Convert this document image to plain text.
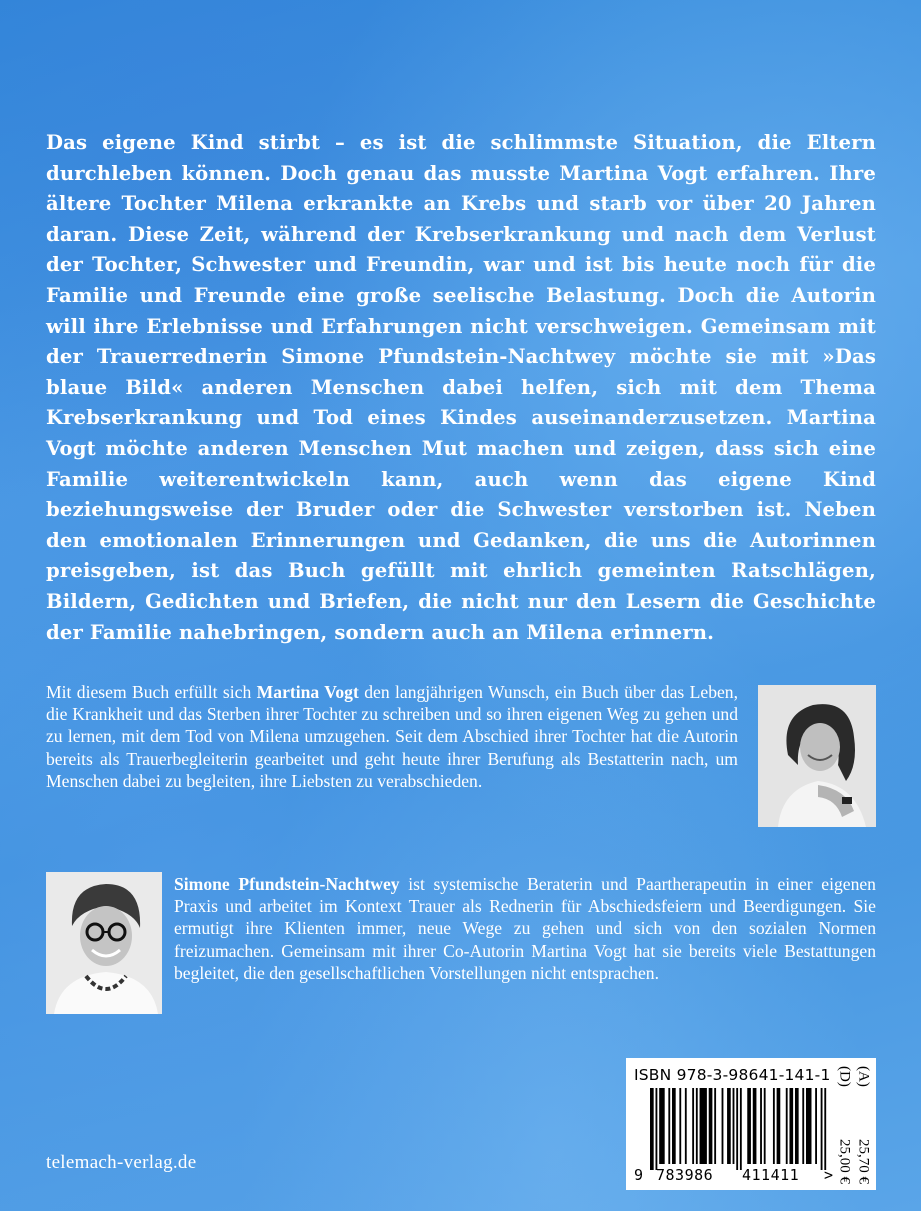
Das eigene Kind stirbt – es ist die schlimmste Situation, die Eltern durchleben können. Doch genau das musste Martina Vogt erfahren. Ihre ältere Tochter Milena erkrankte an Krebs und starb vor über 20 Jahren daran. Diese Zeit, während der Krebserkrankung und nach dem Verlust der Tochter, Schwester und Freundin, war und ist bis heute noch für die Familie und Freunde eine große seelische Belastung. Doch die Autorin will ihre Erlebnisse und Erfahrungen nicht verschweigen. Gemeinsam mit der Trauerrednerin Simone Pfundstein-Nachtwey möchte sie mit »Das blaue Bild« anderen Menschen dabei helfen, sich mit dem Thema Krebserkrankung und Tod eines Kindes auseinanderzusetzen. Martina Vogt möchte anderen Menschen Mut machen und zeigen, dass sich eine Familie weiterentwickeln kann, auch wenn das eigene Kind beziehungsweise der Bruder oder die Schwester verstorben ist. Neben den emotionalen Erinnerungen und Gedanken, die uns die Autorinnen preisgeben, ist das Buch gefüllt mit ehrlich gemeinten Ratschlägen, Bildern, Gedichten und Briefen, die nicht nur den Lesern die Geschichte der Familie nahebringen, sondern auch an Milena erinnern.

Mit diesem Buch erfüllt sich Martina Vogt den langjährigen Wunsch, ein Buch über das Leben, die Krankheit und das Sterben ihrer Tochter zu schreiben und so ihren eigenen Weg zu gehen und zu lernen, mit dem Tod von Milena umzugehen. Seit dem Abschied ihrer Tochter hat die Autorin bereits als Trauerbegleiterin gearbeitet und geht heute ihrer Berufung als Bestatterin nach, um Menschen dabei zu begleiten, ihre Liebsten zu verabschieden.
Simone Pfundstein-Nachtwey ist systemische Beraterin und Paartherapeutin in einer eigenen Praxis und arbeitet im Kontext Trauer als Rednerin für Abschiedsfeiern und Beerdigungen. Sie ermutigt ihre Klienten immer, neue Wege zu gehen und sich von den sozialen Normen freizumachen. Gemeinsam mit ihrer Co-Autorin Martina Vogt hat sie bereits viele Bestattungen begleitet, die den gesellschaftlichen Vorstellungen nicht entsprachen.
telemach-verlag.de
ISBN 978-3-98641-141-1
9 783986 411411 >
(D)
25,00 €
(A)
25,70 €
